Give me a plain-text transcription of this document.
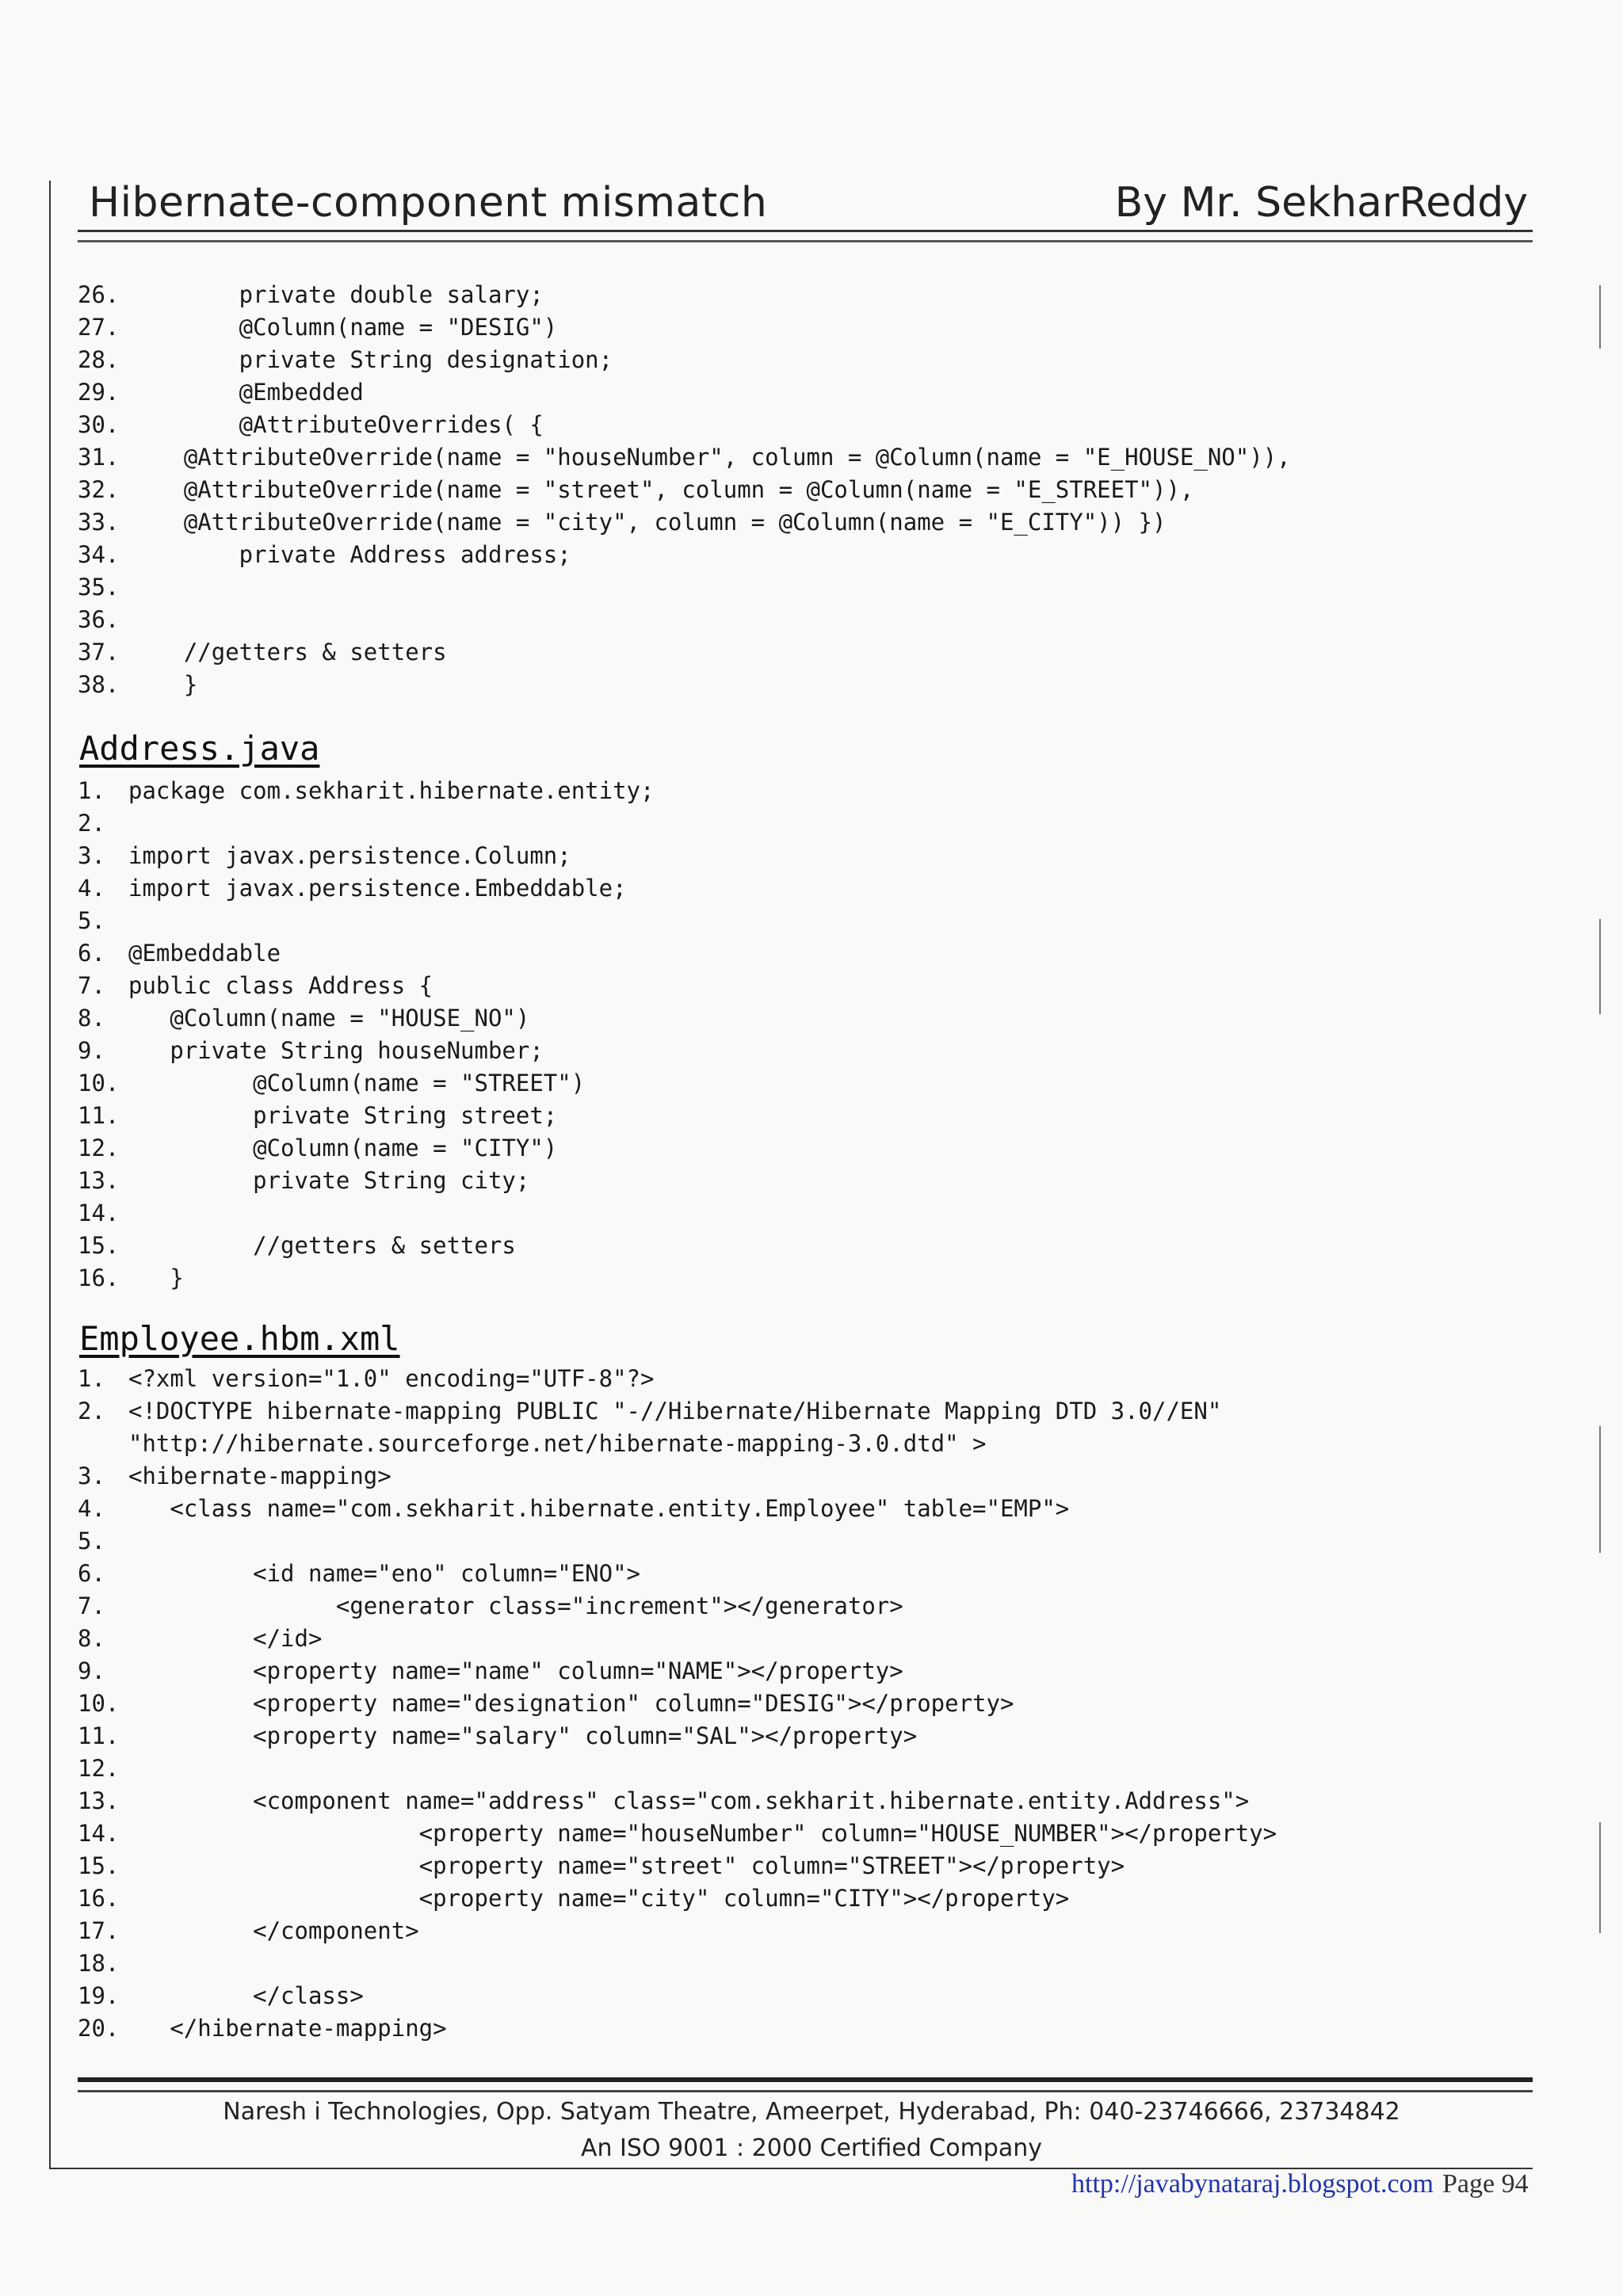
Hibernate-component mismatch	By Mr. SekharReddy
26.        private double salary;
27.        @Column(name = "DESIG")
28.        private String designation;
29.        @Embedded
30.        @AttributeOverrides( {
31.    @AttributeOverride(name = "houseNumber", column = @Column(name = "E_HOUSE_NO")),
32.    @AttributeOverride(name = "street", column = @Column(name = "E_STREET")),
33.    @AttributeOverride(name = "city", column = @Column(name = "E_CITY")) })
34.        private Address address;
35.
36.
37.    //getters & setters
38.    }
Address.java
1. package com.sekharit.hibernate.entity;
2.
3. import javax.persistence.Column;
4. import javax.persistence.Embeddable;
5.
6. @Embeddable
7. public class Address {
8.   @Column(name = "HOUSE_NO")
9.   private String houseNumber;
10.         @Column(name = "STREET")
11.         private String street;
12.         @Column(name = "CITY")
13.         private String city;
14.
15.         //getters & setters
16.   }
Employee.hbm.xml
1. <?xml version="1.0" encoding="UTF-8"?>
2. <!DOCTYPE hibernate-mapping PUBLIC "-//Hibernate/Hibernate Mapping DTD 3.0//EN"
"http://hibernate.sourceforge.net/hibernate-mapping-3.0.dtd" >
3. <hibernate-mapping>
4.   <class name="com.sekharit.hibernate.entity.Employee" table="EMP">
5.
6.         <id name="eno" column="ENO">
7.               <generator class="increment"></generator>
8.         </id>
9.         <property name="name" column="NAME"></property>
10.         <property name="designation" column="DESIG"></property>
11.         <property name="salary" column="SAL"></property>
12.
13.         <component name="address" class="com.sekharit.hibernate.entity.Address">
14.                     <property name="houseNumber" column="HOUSE_NUMBER"></property>
15.                     <property name="street" column="STREET"></property>
16.                     <property name="city" column="CITY"></property>
17.         </component>
18.
19.         </class>
20.   </hibernate-mapping>
Naresh i Technologies, Opp. Satyam Theatre, Ameerpet, Hyderabad, Ph: 040-23746666, 23734842
An ISO 9001 : 2000 Certified Company
http://javabynataraj.blogspot.com Page 94
